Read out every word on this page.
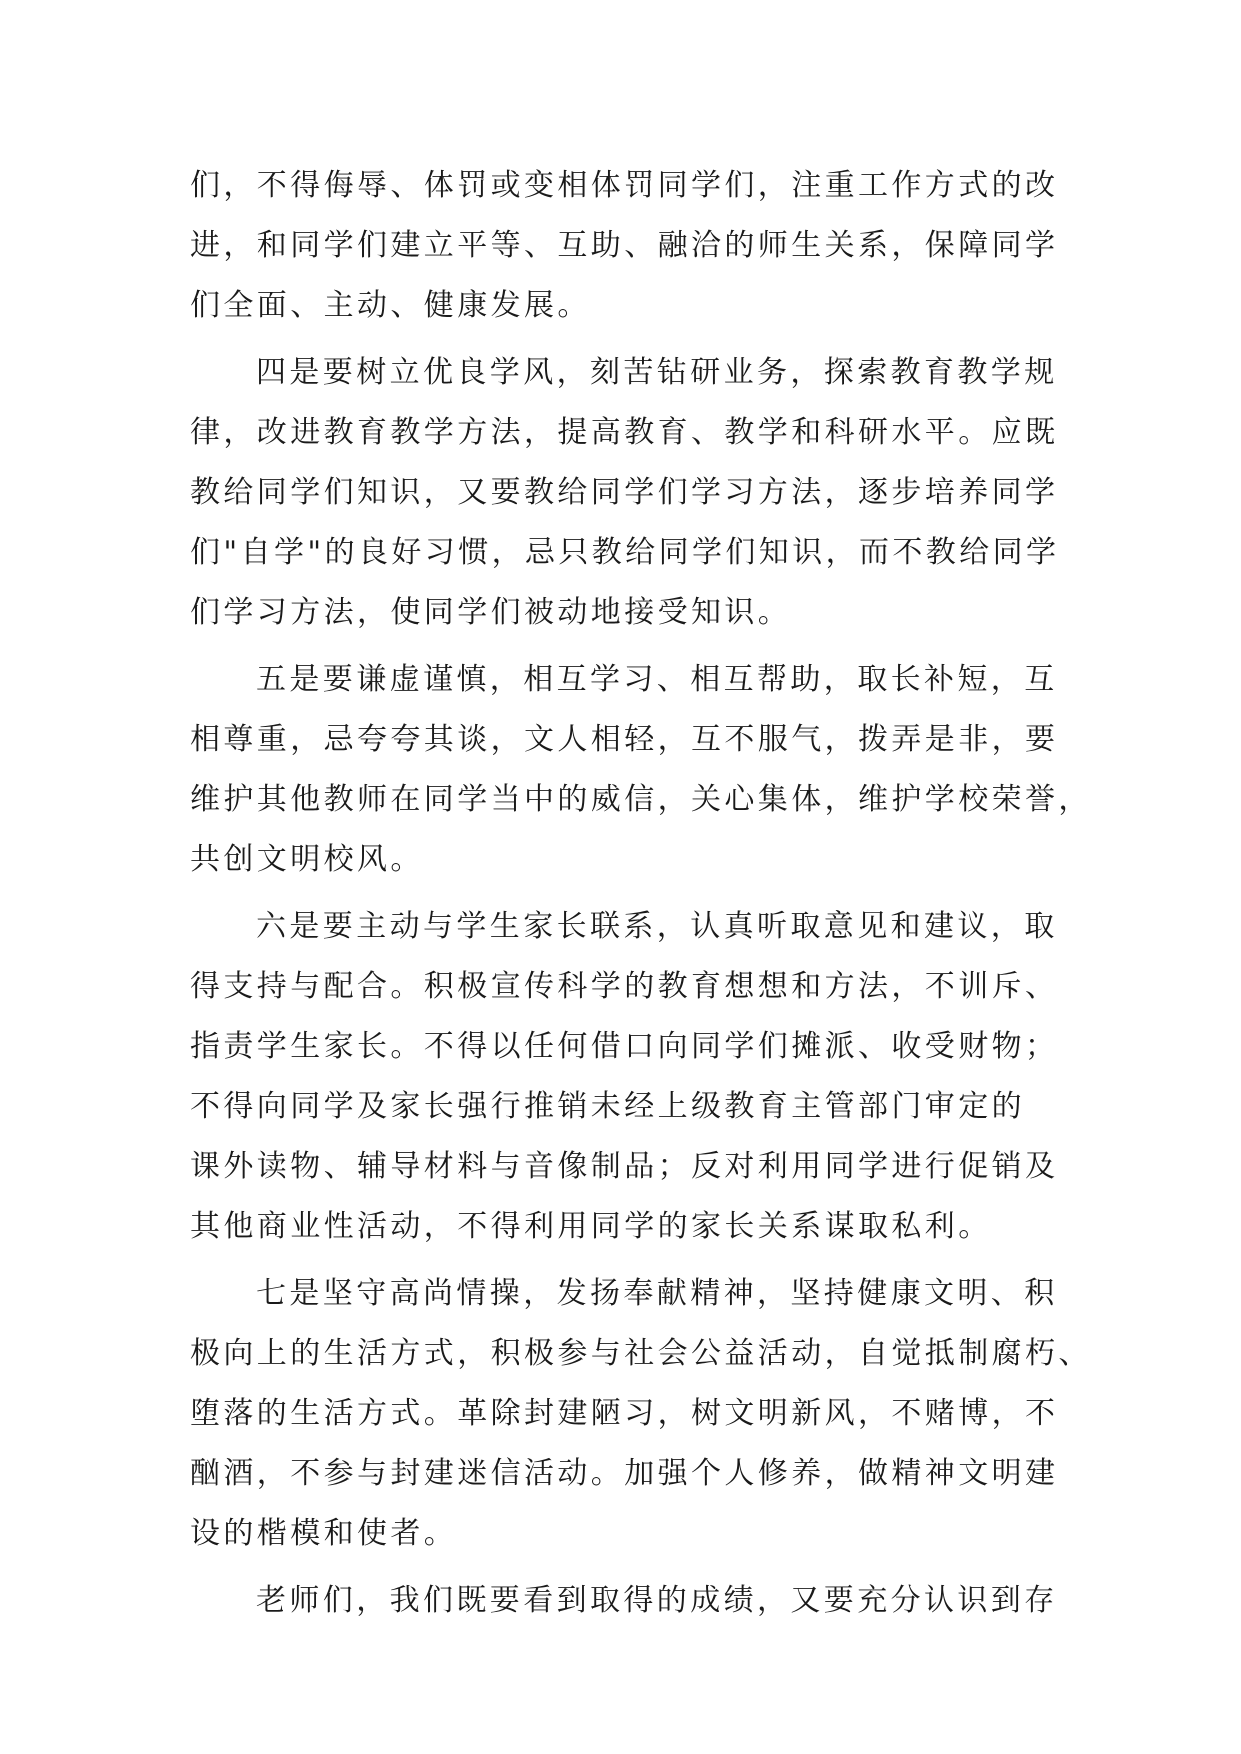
们，不得侮辱、体罚或变相体罚同学们，注重工作方式的改
进，和同学们建立平等、互助、融洽的师生关系，保障同学
们全面、主动、健康发展。
四是要树立优良学风，刻苦钻研业务，探索教育教学规
律，改进教育教学方法，提高教育、教学和科研水平。应既
教给同学们知识，又要教给同学们学习方法，逐步培养同学
们"自学"的良好习惯，忌只教给同学们知识，而不教给同学
们学习方法，使同学们被动地接受知识。
五是要谦虚谨慎，相互学习、相互帮助，取长补短，互
相尊重，忌夸夸其谈，文人相轻，互不服气，拨弄是非，要
维护其他教师在同学当中的威信，关心集体，维护学校荣誉，
共创文明校风。
六是要主动与学生家长联系，认真听取意见和建议，取
得支持与配合。积极宣传科学的教育想想和方法，不训斥、
指责学生家长。不得以任何借口向同学们摊派、收受财物；
不得向同学及家长强行推销未经上级教育主管部门审定的
课外读物、辅导材料与音像制品；反对利用同学进行促销及
其他商业性活动，不得利用同学的家长关系谋取私利。
七是坚守高尚情操，发扬奉献精神，坚持健康文明、积
极向上的生活方式，积极参与社会公益活动，自觉抵制腐朽、
堕落的生活方式。革除封建陋习，树文明新风，不赌博，不
酗酒，不参与封建迷信活动。加强个人修养，做精神文明建
设的楷模和使者。
老师们，我们既要看到取得的成绩，又要充分认识到存
